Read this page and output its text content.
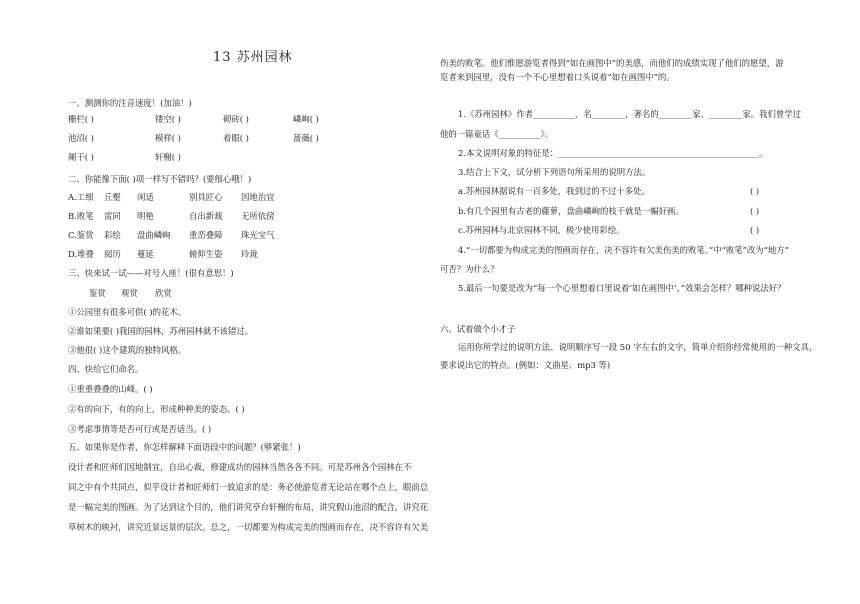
13 苏州园林
一、测测你的注音速度！(加油！)
栅栏( )	镂空( )	砌砖( )	嶙峋( )
池沼( )	模样( )	着眼( )	蔷薇( )
阑干( )	轩榭( )
二、你能像下面( )项一样写不错吗？(要细心哦！)
A.工细 丘壑 闲适	别具匠心 因地治宜
B.败笔 雷同 明艳	自出新裁 无所依傍
C.鉴赏 彩绘 盘曲嶙峋 重峦叠障 珠光宝气
D.堆叠 阅历 蔓延	俯仰生姿 玲珑
三、快来试一试——对号入座！(很有意思！)
鉴赏 观赏 欣赏
①公园里有很多可供( )的花木。
②谁如果要( )我国的园林，苏州园林就不该错过。
③他很( )这个建筑的独特风格。
四、快给它们命名。
①重重叠叠的山峰。( )
②有的向下，有的向上，形成种种美的姿态。( )
③考虑事情等是否可行或是否适当。( )
五、如果你是作者，你怎样解释下面语段中的问题？(够紧张！)
设计者和匠师们因地制宜，自出心裁，修建成功的园林当然各各不同。可是苏州各个园林在不
同之中有个共同点，似乎设计者和匠师们一致追求的是：务必使游览者无论站在哪个点上，眼前总
是一幅完美的图画。为了达到这个目的，他们讲究亭台轩榭的布局，讲究假山池沼的配合，讲究花
草树木的映衬，讲究近景远景的层次。总之，一切都要为构成完美的图画而存在，决不容许有欠美
伤美的败笔。他们惟愿游览者得到“如在画图中”的美感，而他们的成绩实现了他们的愿望，游
览者来到园里，没有一个不心里想着口头说着“如在画图中”的。
1.《苏州园林》作者__________，名________，著名的________家、________家。我们曾学过
他的一篇童话《__________》。
2.本文说明对象的特征是：________________________________________________。
3.结合上下文，试分析下列语句所采用的说明方法。
a.苏州园林据说有一百多处，我到过的不过十多处。	( )
b.有几个园里有古老的藤萝，盘曲嶙峋的枝干就是一幅好画。	( )
c.苏州园林与北京园林不同，极少使用彩绘。	( )
4.“一切都要为构成完美的图画而存在，决不容许有欠美伤美的败笔。”中“败笔”改为“地方”
可否？为什么？
5.最后一句要是改为“每一个心里想着口里说着‘如在画图中’。”效果会怎样？哪种说法好？
六、试着做个小才子
运用你所学过的说明方法、说明顺序写一段 50 字左右的文字，简单介绍你经常使用的一种文具，
要求说出它的特点。(例如：文曲星、mp3 等)
